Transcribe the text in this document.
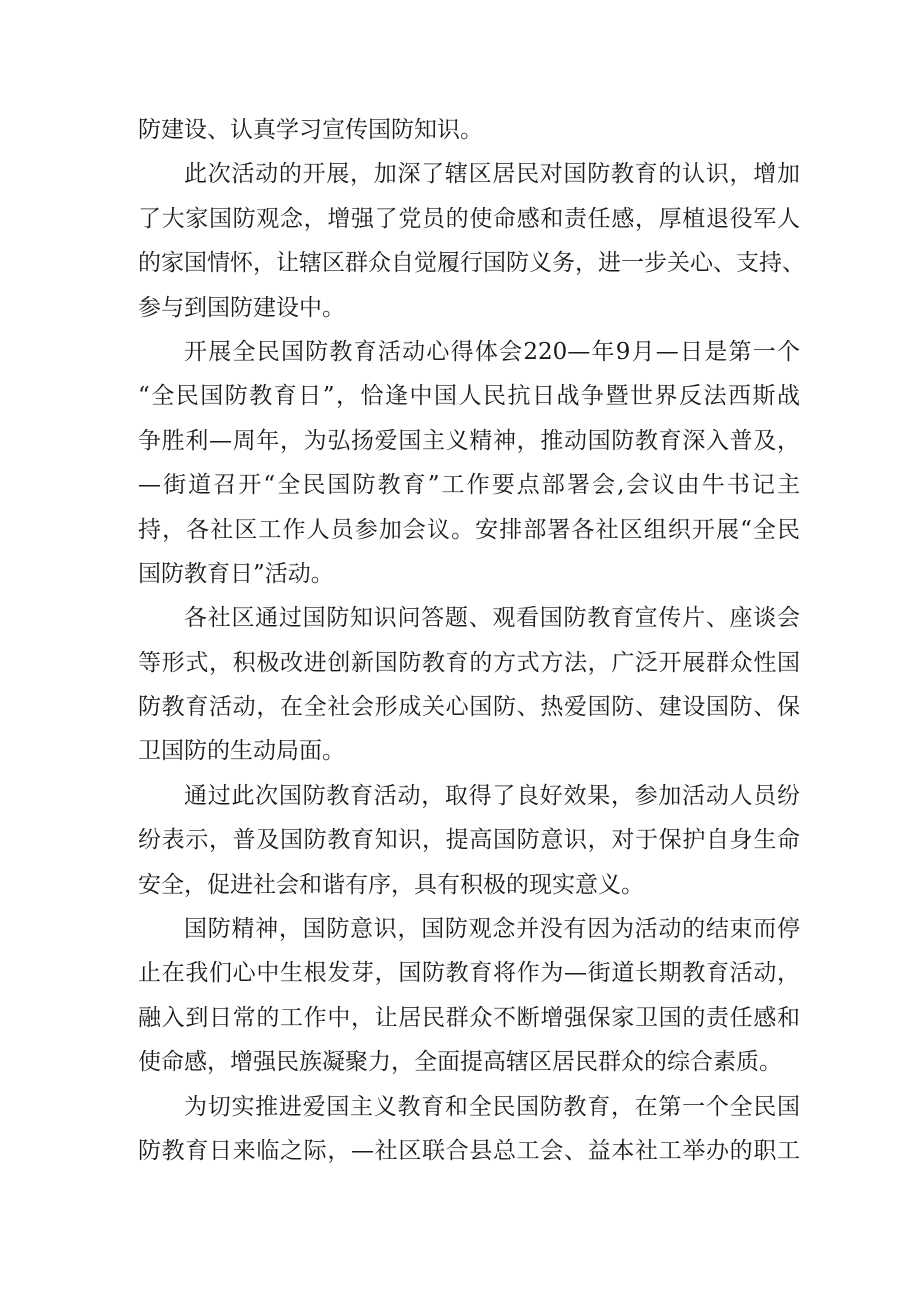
防建设、认真学习宣传国防知识。
此次活动的开展，加深了辖区居民对国防教育的认识，增加
了大家国防观念，增强了党员的使命感和责任感，厚植退役军人
的家国情怀，让辖区群众自觉履行国防义务，进一步关心、支持、
参与到国防建设中。
开展全民国防教育活动心得体会220—年9月—日是第一个
“全民国防教育日”，恰逢中国人民抗日战争暨世界反法西斯战
争胜利—周年，为弘扬爱国主义精神，推动国防教育深入普及，
—街道召开“全民国防教育”工作要点部署会,会议由牛书记主
持，各社区工作人员参加会议。安排部署各社区组织开展“全民
国防教育日”活动。
各社区通过国防知识问答题、观看国防教育宣传片、座谈会
等形式，积极改进创新国防教育的方式方法，广泛开展群众性国
防教育活动，在全社会形成关心国防、热爱国防、建设国防、保
卫国防的生动局面。
通过此次国防教育活动，取得了良好效果，参加活动人员纷
纷表示，普及国防教育知识，提高国防意识，对于保护自身生命
安全，促进社会和谐有序，具有积极的现实意义。
国防精神，国防意识，国防观念并没有因为活动的结束而停
止在我们心中生根发芽，国防教育将作为—街道长期教育活动，
融入到日常的工作中，让居民群众不断增强保家卫国的责任感和
使命感，增强民族凝聚力，全面提高辖区居民群众的综合素质。
为切实推进爱国主义教育和全民国防教育，在第一个全民国
防教育日来临之际，—社区联合县总工会、益本社工举办的职工
